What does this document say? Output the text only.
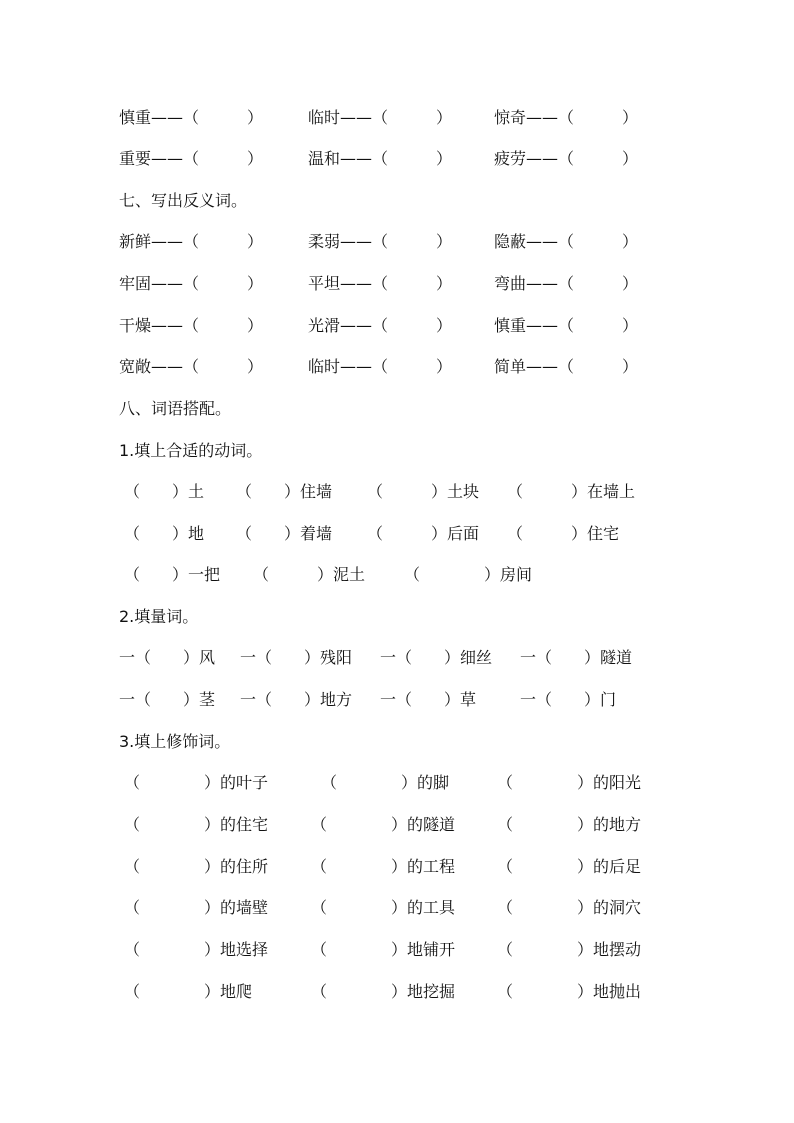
慎重——（　　　）	临时——（　　　）	惊奇——（　　　）
重要——（　　　）	温和——（　　　）	疲劳——（　　　）
七、写出反义词。
新鲜——（　　　）	柔弱——（　　　）	隐蔽——（　　　）
牢固——（　　　）	平坦——（　　　）	弯曲——（　　　）
干燥——（　　　）	光滑——（　　　）	慎重——（　　　）
宽敞——（　　　）	临时——（　　　）	简单——（　　　）
八、词语搭配。
1.填上合适的动词。
（　　）土 （　　）住墙 （　　　）土块 （　　　）在墙上
（　　）地 （　　）着墙 （　　　）后面 （　　　）住宅
（　　）一把 （　　　）泥土 （　　　　）房间
2.填量词。
一（　　）风 一（　　）残阳 一（　　）细丝 一（　　）隧道
一（　　）茎 一（　　）地方 一（　　）草	一（　　）门
3.填上修饰词。
（　　　　）的叶子	（　　　　）的脚	（　　　　）的阳光
（　　　　）的住宅	（　　　　）的隧道	（　　　　）的地方
（　　　　）的住所	（　　　　）的工程	（　　　　）的后足
（　　　　）的墙壁	（　　　　）的工具	（　　　　）的洞穴
（　　　　）地选择	（　　　　）地铺开	（　　　　）地摆动
（　　　　）地爬	（　　　　）地挖掘	（　　　　）地抛出
